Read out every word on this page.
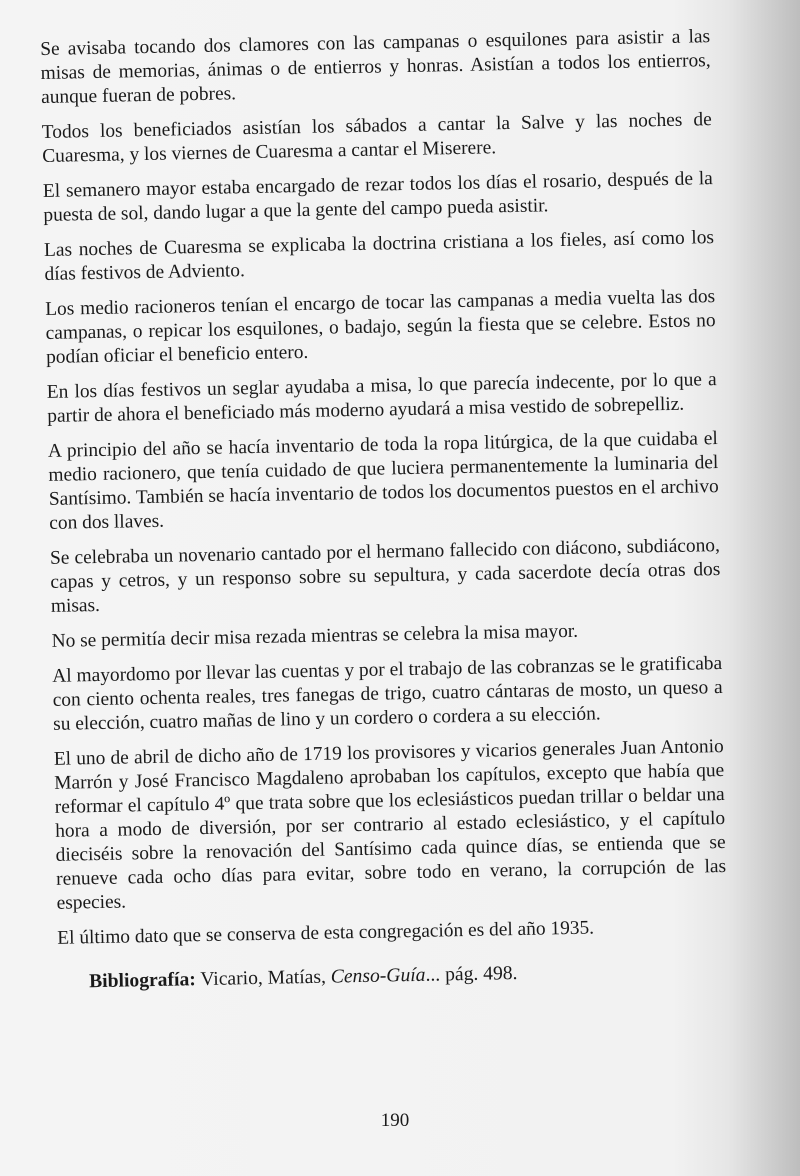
Se avisaba tocando dos clamores con las campanas o esquilones para asistir a las misas de memorias, ánimas o de entierros y honras. Asistían a todos los entierros, aunque fueran de pobres.

Todos los beneficiados asistían los sábados a cantar la Salve y las noches de Cuaresma, y los viernes de Cuaresma a cantar el Miserere.

El semanero mayor estaba encargado de rezar todos los días el rosario, después de la puesta de sol, dando lugar a que la gente del campo pueda asistir.

Las noches de Cuaresma se explicaba la doctrina cristiana a los fieles, así como los días festivos de Adviento.

Los medio racioneros tenían el encargo de tocar las campanas a media vuelta las dos campanas, o repicar los esquilones, o badajo, según la fiesta que se celebre. Estos no podían oficiar el beneficio entero.

En los días festivos un seglar ayudaba a misa, lo que parecía indecente, por lo que a partir de ahora el beneficiado más moderno ayudará a misa vestido de sobrepelliz.

A principio del año se hacía inventario de toda la ropa litúrgica, de la que cuidaba el medio racionero, que tenía cuidado de que luciera permanentemente la luminaria del Santísimo. También se hacía inventario de todos los documentos puestos en el archivo con dos llaves.

Se celebraba un novenario cantado por el hermano fallecido con diácono, subdiácono, capas y cetros, y un responso sobre su sepultura, y cada sacerdote decía otras dos misas.

No se permitía decir misa rezada mientras se celebra la misa mayor.

Al mayordomo por llevar las cuentas y por el trabajo de las cobranzas se le gratificaba con ciento ochenta reales, tres fanegas de trigo, cuatro cántaras de mosto, un queso a su elección, cuatro mañas de lino y un cordero o cordera a su elección.

El uno de abril de dicho año de 1719 los provisores y vicarios generales Juan Antonio Marrón y José Francisco Magdaleno aprobaban los capítulos, excepto que había que reformar el capítulo 4º que trata sobre que los eclesiásticos puedan trillar o beldar una hora a modo de diversión, por ser contrario al estado eclesiástico, y el capítulo dieciséis sobre la renovación del Santísimo cada quince días, se entienda que se renueve cada ocho días para evitar, sobre todo en verano, la corrupción de las especies.

El último dato que se conserva de esta congregación es del año 1935.

Bibliografía: Vicario, Matías, Censo-Guía... pág. 498.
190
